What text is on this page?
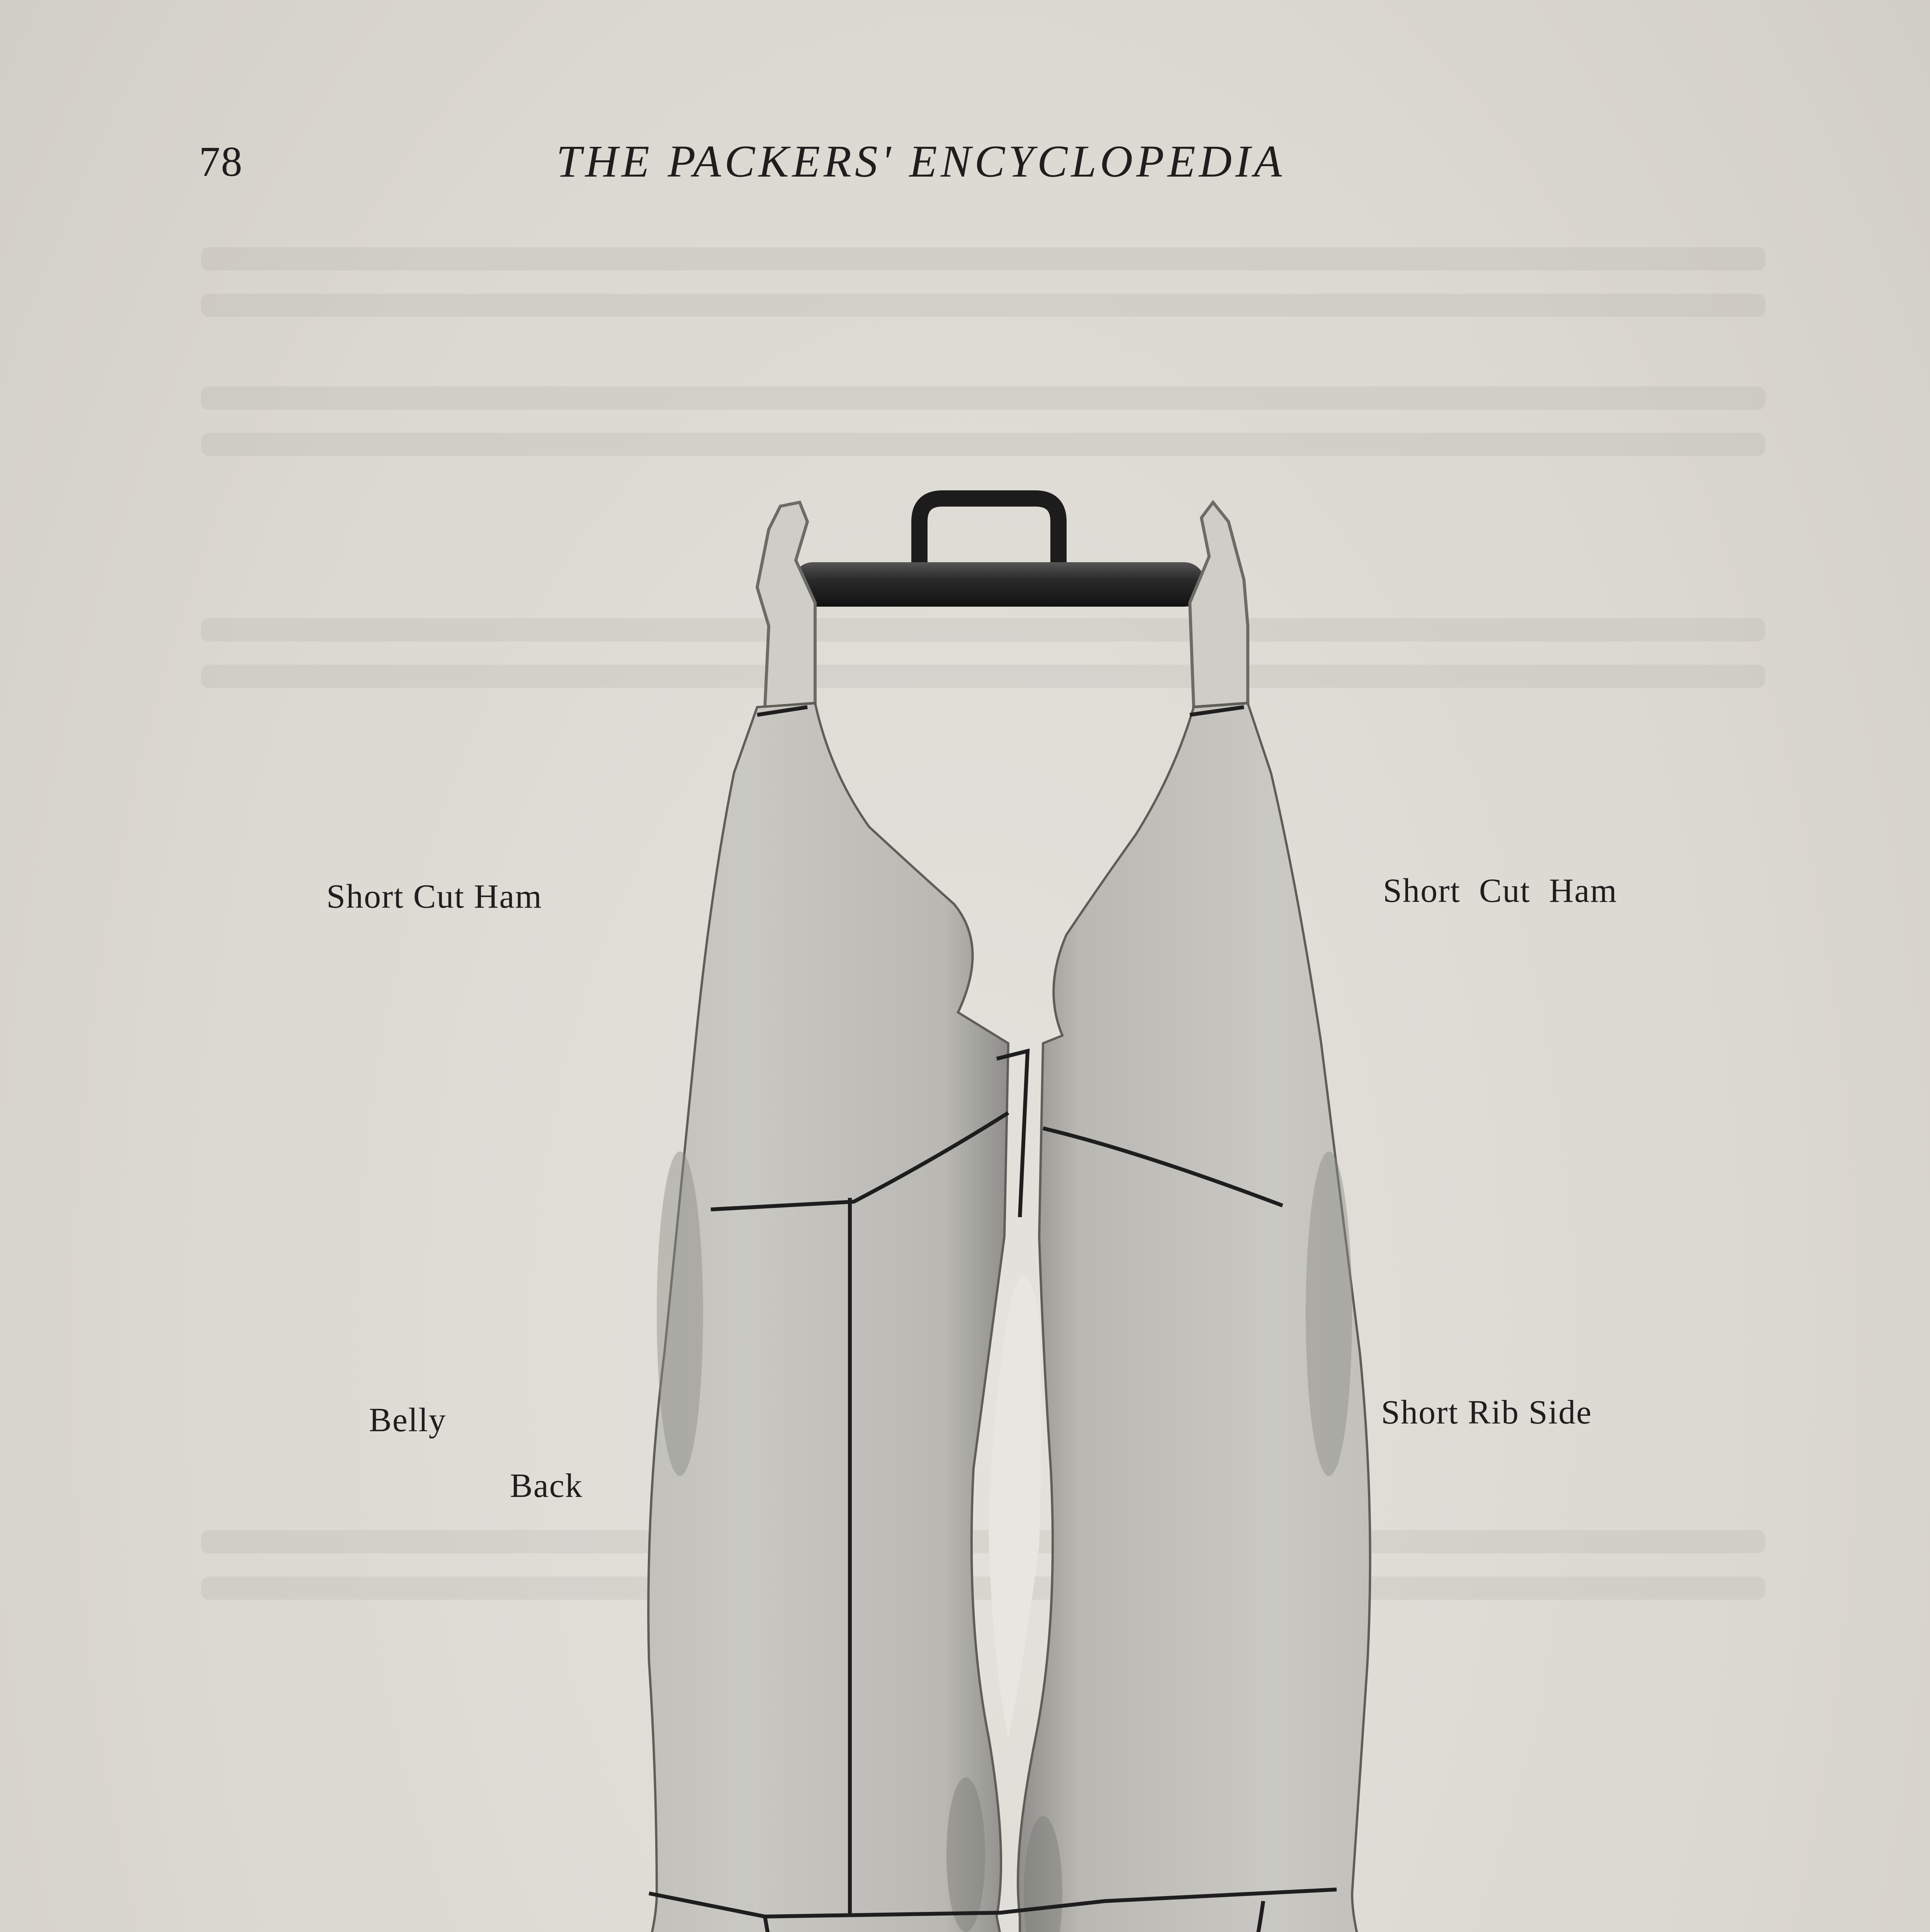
78	THE PACKERS' ENCYCLOPEDIA
Short Cut Ham	Short  Cut  Ham
Belly
Back
Short Rib Side
